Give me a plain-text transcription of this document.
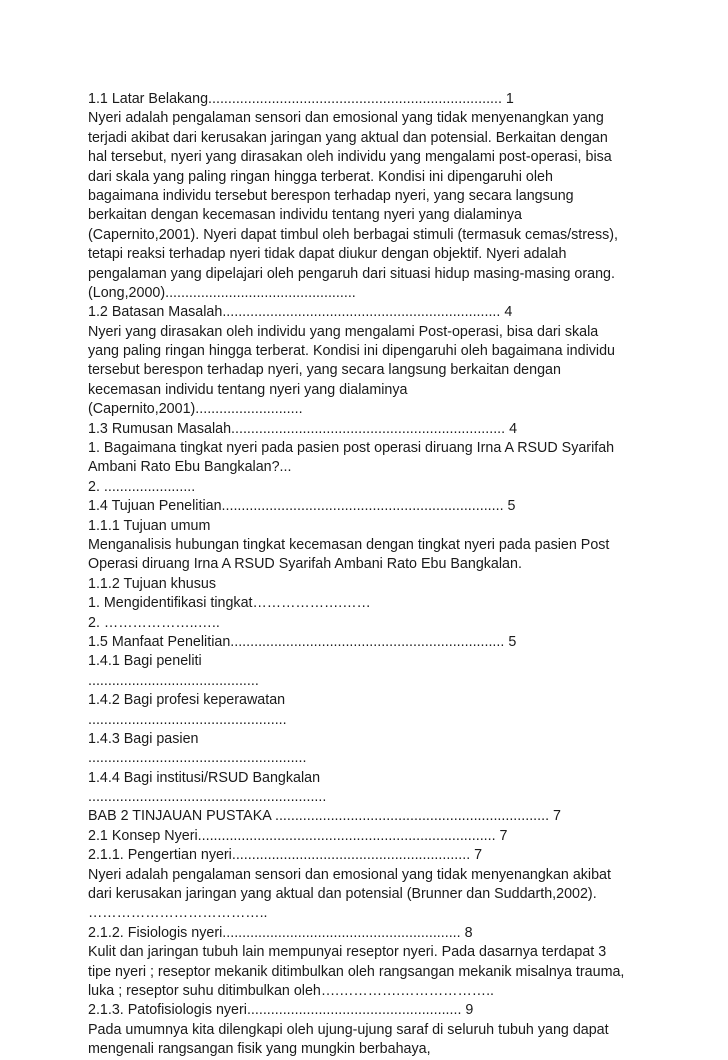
1.1 Latar Belakang.......................................................................... 1
Nyeri adalah pengalaman sensori dan emosional yang tidak menyenangkan yang
terjadi akibat dari kerusakan jaringan yang aktual dan potensial. Berkaitan dengan
hal tersebut, nyeri yang dirasakan oleh individu yang mengalami post-operasi, bisa
dari skala yang paling ringan hingga terberat. Kondisi ini dipengaruhi oleh
bagaimana individu tersebut berespon terhadap nyeri, yang secara langsung
berkaitan dengan kecemasan individu tentang nyeri yang dialaminya
(Capernito,2001). Nyeri dapat timbul oleh berbagai stimuli (termasuk cemas/stress),
tetapi reaksi terhadap nyeri tidak dapat diukur dengan objektif. Nyeri adalah
pengalaman yang dipelajari oleh pengaruh dari situasi hidup masing-masing orang.
(Long,2000)................................................
1.2 Batasan Masalah...................................................................... 4
Nyeri yang dirasakan oleh individu yang mengalami Post-operasi, bisa dari skala
yang paling ringan hingga terberat. Kondisi ini dipengaruhi oleh bagaimana individu
tersebut berespon terhadap nyeri, yang secara langsung berkaitan dengan
kecemasan individu tentang nyeri yang dialaminya
(Capernito,2001)...........................
1.3 Rumusan Masalah..................................................................... 4
1. Bagaimana tingkat nyeri pada pasien post operasi diruang Irna A RSUD Syarifah
Ambani Rato Ebu Bangkalan?...
2. .......................
1.4 Tujuan Penelitian....................................................................... 5
1.1.1 Tujuan umum
Menganalisis hubungan tingkat kecemasan dengan tingkat nyeri pada pasien Post
Operasi diruang Irna A RSUD Syarifah Ambani Rato Ebu Bangkalan.
1.1.2 Tujuan khusus
1. Mengidentifikasi tingkat……………….……
2. ………………..…..
1.5 Manfaat Penelitian..................................................................... 5
1.4.1 Bagi peneliti
...........................................
1.4.2 Bagi profesi keperawatan
..................................................
1.4.3 Bagi pasien
.......................................................
1.4.4 Bagi institusi/RSUD Bangkalan
............................................................
BAB 2 TINJAUAN PUSTAKA ..................................................................... 7
2.1 Konsep Nyeri........................................................................... 7
2.1.1. Pengertian nyeri............................................................ 7
Nyeri adalah pengalaman sensori dan emosional yang tidak menyenangkan akibat
dari kerusakan jaringan yang aktual dan potensial (Brunner dan Suddarth,2002).
………………………………..
2.1.2. Fisiologis nyeri............................................................ 8
Kulit dan jaringan tubuh lain mempunyai reseptor nyeri. Pada dasarnya terdapat 3
tipe nyeri ; reseptor mekanik ditimbulkan oleh rangsangan mekanik misalnya trauma,
luka ; reseptor suhu ditimbulkan oleh….………….………………..
2.1.3. Patofisiologis nyeri...................................................... 9
Pada umumnya kita dilengkapi oleh ujung-ujung saraf di seluruh tubuh yang dapat
mengenali rangsangan fisik yang mungkin berbahaya,
